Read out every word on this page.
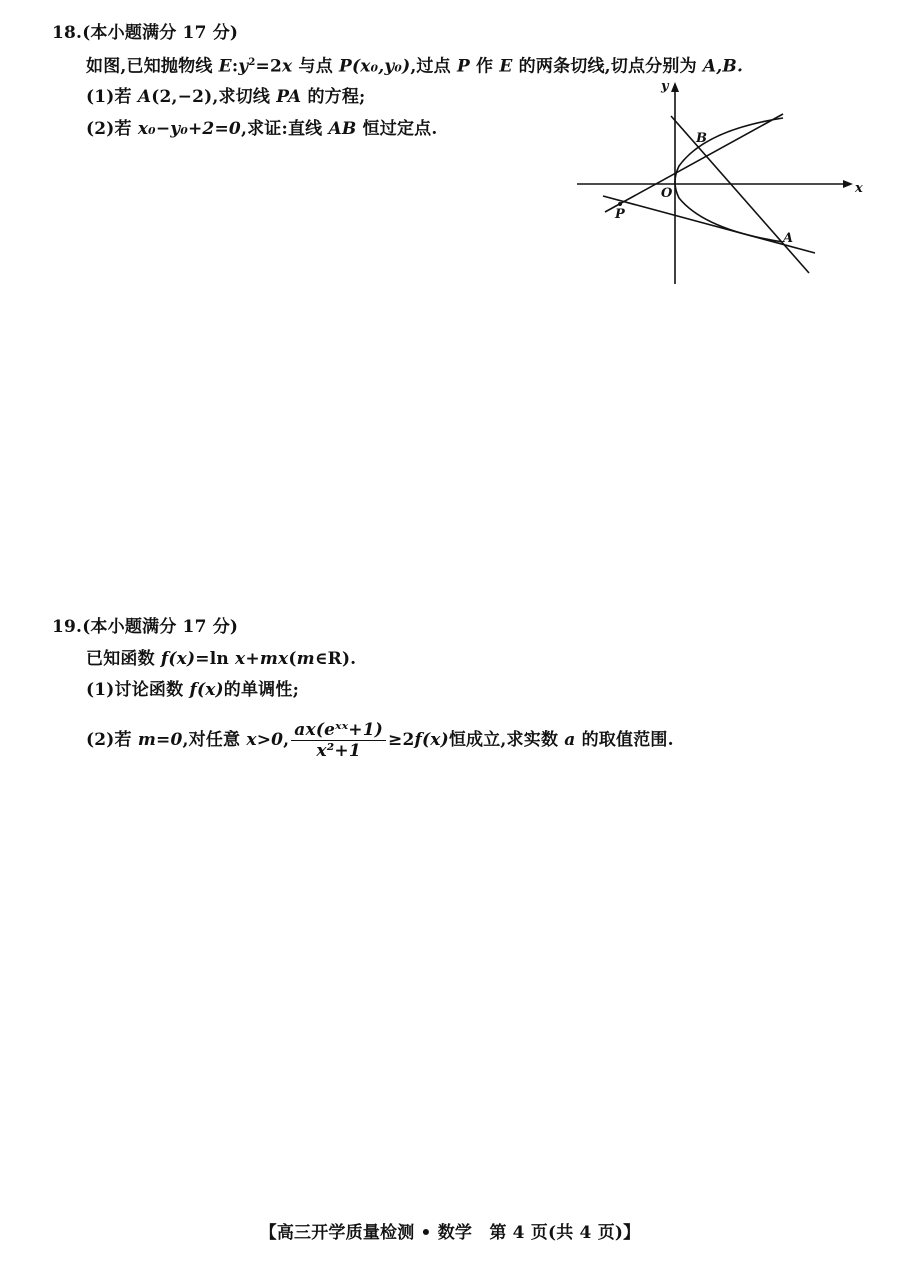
18.(本小题满分 17 分)
如图,已知抛物线 $E:y^2=2x$ 与点 P(x₀,y₀),过点 P 作 E 的两条切线,切点分别为 A,B.
(1)若 A(2,−2),求切线 PA 的方程;
(2)若 x₀−y₀+2=0,求证:直线 AB 恒过定点.
x
y
O
A
B
P
19.(本小题满分 17 分)
已知函数 f(x)=ln x+mx(m∈R).
(1)讨论函数 f(x)的单调性;
(2)若 m=0,对任意 x>0, $\frac{\text{ax(eˣˣ+1)}}{\text{x²+1}} \ge 2f(x)$恒成立,求实数 a 的取值范围.
【高三开学质量检测 • 数学　第 4 页(共 4 页)】
